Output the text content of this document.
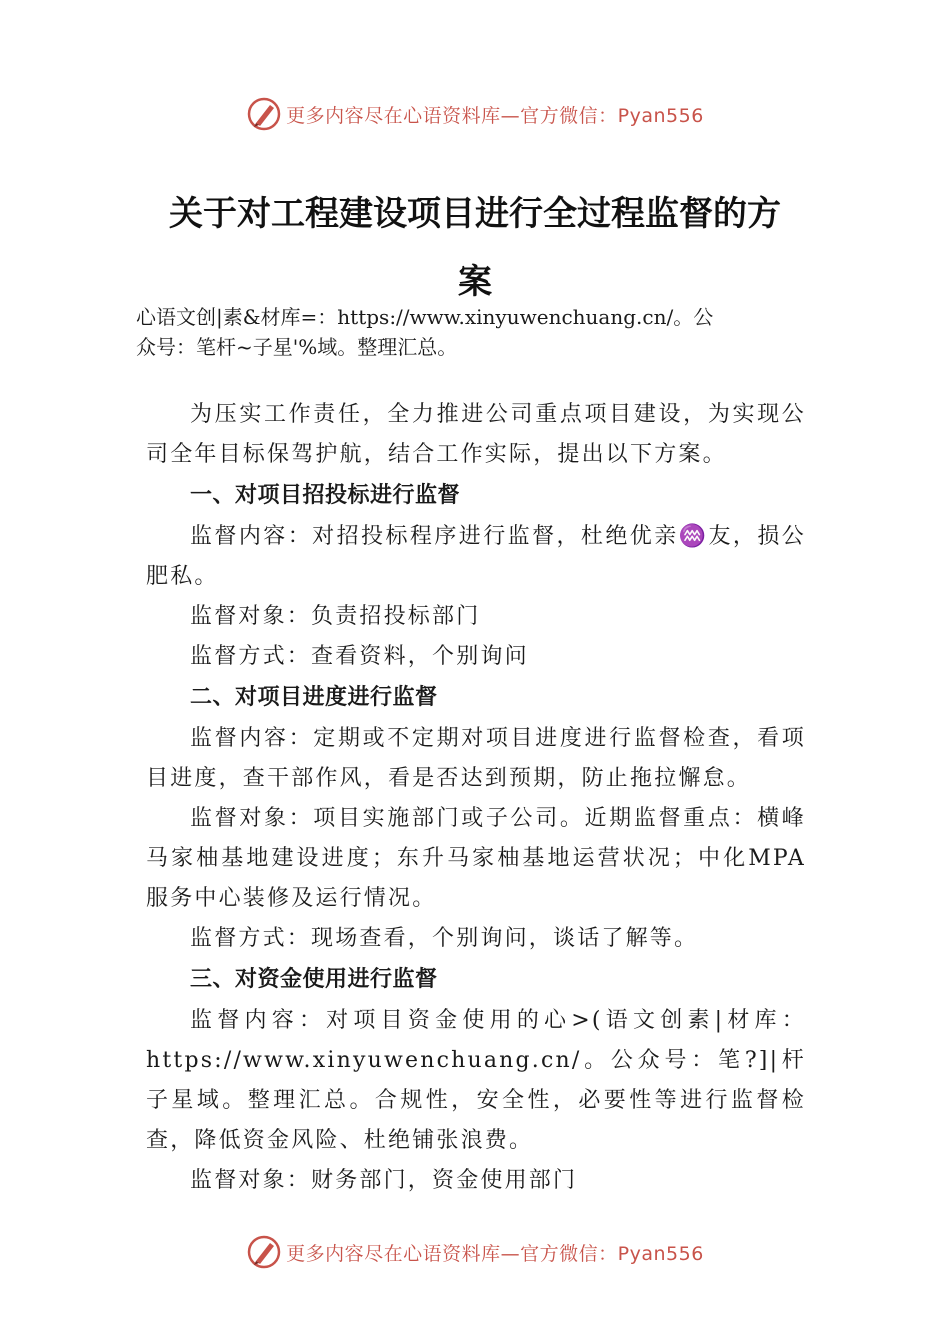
更多内容尽在心语资料库—官方微信：Pyan556
关于对工程建设项目进行全过程监督的方
案

心语文创|素&材库=：https://www.xinyuwenchuang.cn/。公

众号：笔杆~子星'%域。整理汇总。

为压实工作责任，全力推进公司重点项目建设，为实现公司全年目标保驾护航，结合工作实际，提出以下方案。

一、对项目招投标进行监督

监督内容：对招投标程序进行监督，杜绝优亲♒友，损公肥私。

监督对象：负责招投标部门

监督方式：查看资料，个别询问

二、对项目进度进行监督

监督内容：定期或不定期对项目进度进行监督检查，看项目进度，查干部作风，看是否达到预期，防止拖拉懈怠。

监督对象：项目实施部门或子公司。近期监督重点：横峰马家柚基地建设进度；东升马家柚基地运营状况；中化MPA服务中心装修及运行情况。

监督方式：现场查看，个别询问，谈话了解等。

三、对资金使用进行监督

监督内容：对项目资金使用的心>(语文创素|材库：https://www.xinyuwenchuang.cn/。公众号：笔?]|杆子星域。整理汇总。合规性，安全性，必要性等进行监督检查，降低资金风险、杜绝铺张浪费。

监督对象：财务部门，资金使用部门

更多内容尽在心语资料库—官方微信：Pyan556
